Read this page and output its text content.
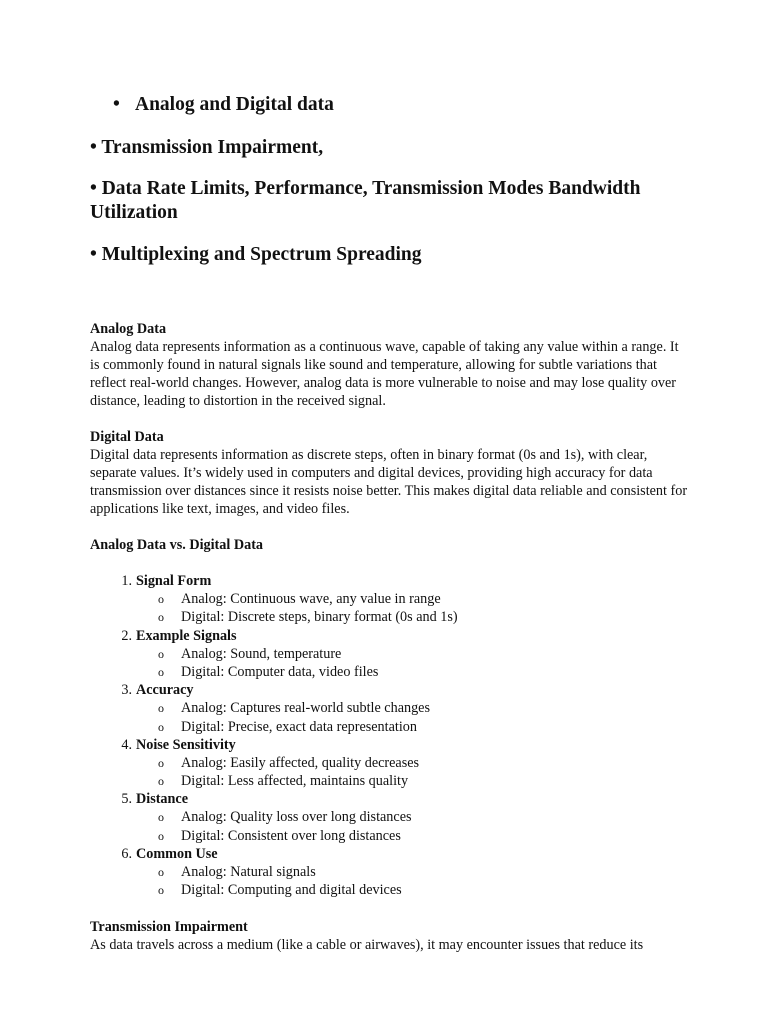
• Analog and Digital data

• Transmission Impairment,

• Data Rate Limits, Performance, Transmission Modes Bandwidth Utilization

• Multiplexing and Spectrum Spreading

Analog Data

Analog data represents information as a continuous wave, capable of taking any value within a range. It is commonly found in natural signals like sound and temperature, allowing for subtle variations that reflect real-world changes. However, analog data is more vulnerable to noise and may lose quality over distance, leading to distortion in the received signal.

Digital Data

Digital data represents information as discrete steps, often in binary format (0s and 1s), with clear, separate values. It’s widely used in computers and digital devices, providing high accuracy for data transmission over distances since it resists noise better. This makes digital data reliable and consistent for applications like text, images, and video files.

Analog Data vs. Digital Data

1. Signal Form
o Analog: Continuous wave, any value in range
o Digital: Discrete steps, binary format (0s and 1s)
2. Example Signals
o Analog: Sound, temperature
o Digital: Computer data, video files
3. Accuracy
o Analog: Captures real-world subtle changes
o Digital: Precise, exact data representation
4. Noise Sensitivity
o Analog: Easily affected, quality decreases
o Digital: Less affected, maintains quality
5. Distance
o Analog: Quality loss over long distances
o Digital: Consistent over long distances
6. Common Use
o Analog: Natural signals
o Digital: Computing and digital devices

Transmission Impairment

As data travels across a medium (like a cable or airwaves), it may encounter issues that reduce its
